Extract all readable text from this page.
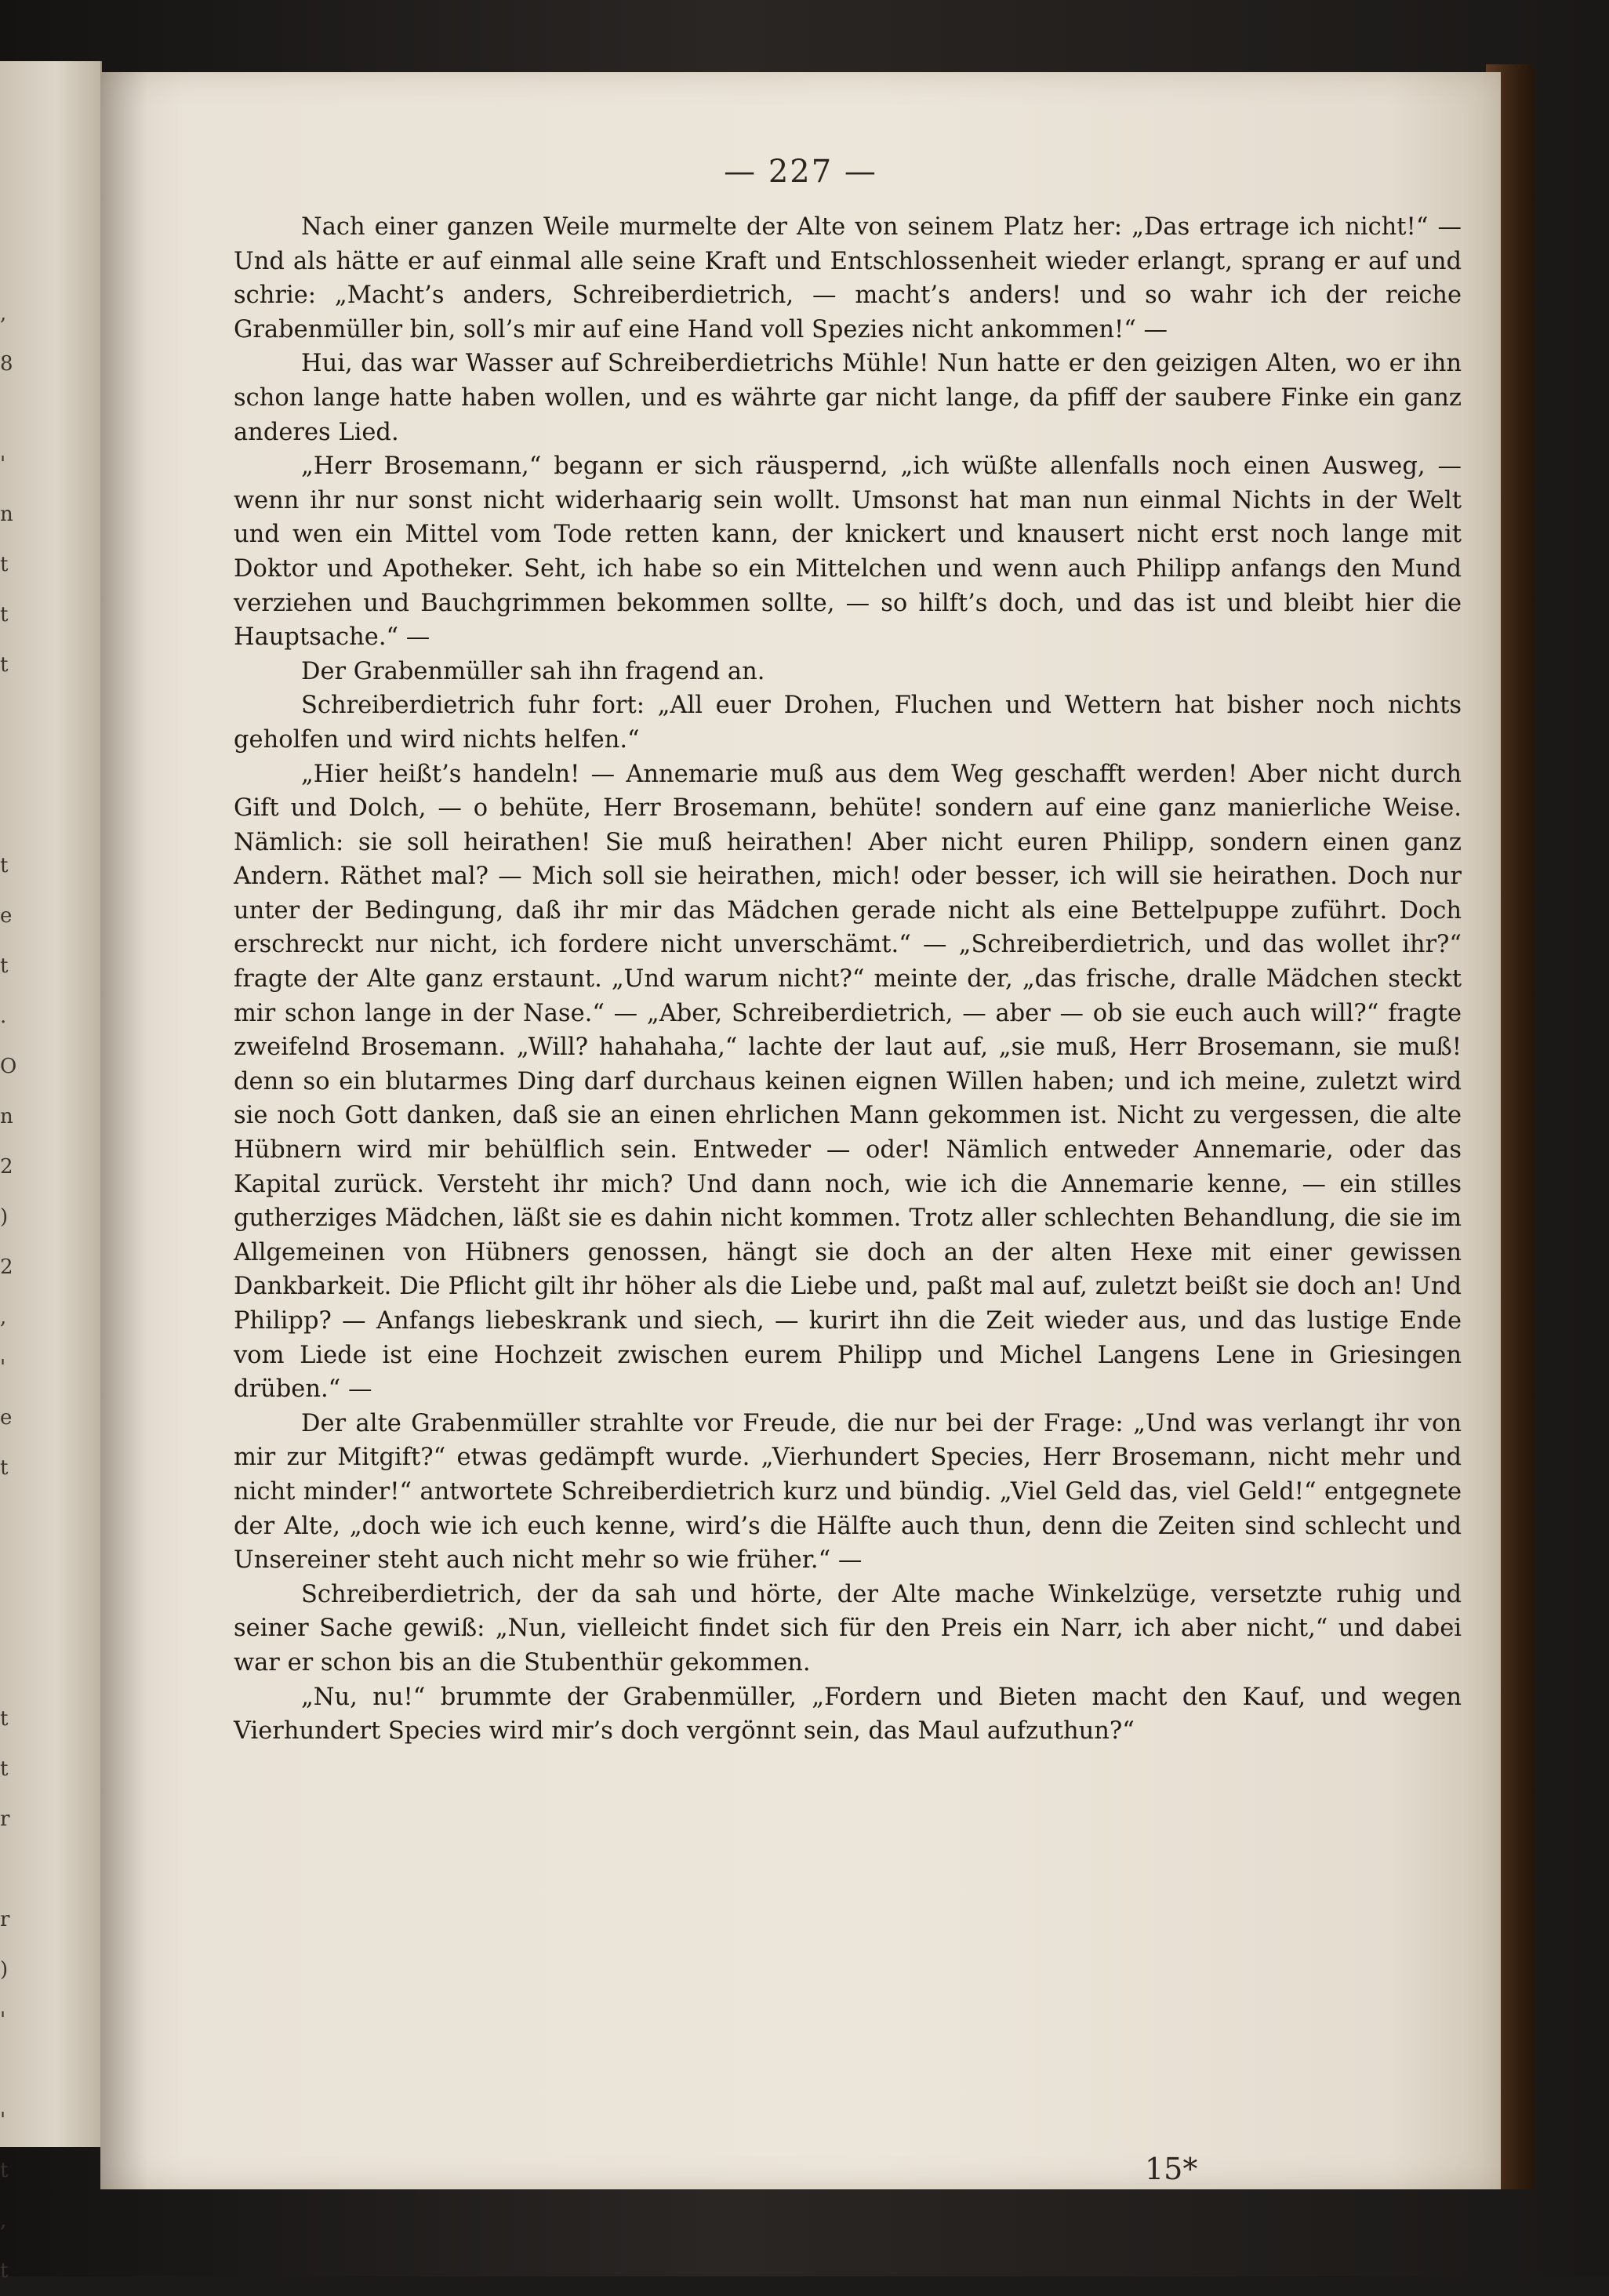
,
8

'
n
t
t
t

t
e
t
.
O
n
2
)
2
,
'
e
t

t
t
r

r
)
'

'
t
,
t
— 227 —

Nach einer ganzen Weile murmelte der Alte von seinem Platz her: „Das ertrage ich nicht!“ — Und als hätte er auf einmal alle seine Kraft und Entschlossenheit wieder erlangt, sprang er auf und schrie: „Macht’s anders, Schreiberdietrich, — macht’s anders! und so wahr ich der reiche Grabenmüller bin, soll’s mir auf eine Hand voll Spezies nicht ankommen!“ —

Hui, das war Wasser auf Schreiberdietrichs Mühle! Nun hatte er den geizigen Alten, wo er ihn schon lange hatte haben wollen, und es währte gar nicht lange, da pfiff der saubere Finke ein ganz anderes Lied.

„Herr Brosemann,“ begann er sich räuspernd, „ich wüßte allenfalls noch einen Ausweg, — wenn ihr nur sonst nicht widerhaarig sein wollt. Umsonst hat man nun einmal Nichts in der Welt und wen ein Mittel vom Tode retten kann, der knickert und knausert nicht erst noch lange mit Doktor und Apotheker. Seht, ich habe so ein Mittelchen und wenn auch Philipp anfangs den Mund verziehen und Bauchgrimmen bekommen sollte, — so hilft’s doch, und das ist und bleibt hier die Hauptsache.“ —

Der Grabenmüller sah ihn fragend an.

Schreiberdietrich fuhr fort: „All euer Drohen, Fluchen und Wettern hat bisher noch nichts geholfen und wird nichts helfen.“

„Hier heißt’s handeln! — Annemarie muß aus dem Weg geschafft werden! Aber nicht durch Gift und Dolch, — o behüte, Herr Brosemann, behüte! sondern auf eine ganz manierliche Weise. Nämlich: sie soll heirathen! Sie muß heirathen! Aber nicht euren Philipp, sondern einen ganz Andern. Räthet mal? — Mich soll sie heirathen, mich! oder besser, ich will sie heirathen. Doch nur unter der Bedingung, daß ihr mir das Mädchen gerade nicht als eine Bettelpuppe zuführt. Doch erschreckt nur nicht, ich fordere nicht unverschämt.“ — „Schreiberdietrich, und das wollet ihr?“ fragte der Alte ganz erstaunt. „Und warum nicht?“ meinte der, „das frische, dralle Mädchen steckt mir schon lange in der Nase.“ — „Aber, Schreiberdietrich, — aber — ob sie euch auch will?“ fragte zweifelnd Brosemann. „Will? hahahaha,“ lachte der laut auf, „sie muß, Herr Brosemann, sie muß! denn so ein blutarmes Ding darf durchaus keinen eignen Willen haben; und ich meine, zuletzt wird sie noch Gott danken, daß sie an einen ehrlichen Mann gekommen ist. Nicht zu vergessen, die alte Hübnern wird mir behülflich sein. Entweder — oder! Nämlich entweder Annemarie, oder das Kapital zurück. Versteht ihr mich? Und dann noch, wie ich die Annemarie kenne, — ein stilles gutherziges Mädchen, läßt sie es dahin nicht kommen. Trotz aller schlechten Behandlung, die sie im Allgemeinen von Hübners genossen, hängt sie doch an der alten Hexe mit einer gewissen Dankbarkeit. Die Pflicht gilt ihr höher als die Liebe und, paßt mal auf, zuletzt beißt sie doch an! Und Philipp? — Anfangs liebeskrank und siech, — kurirt ihn die Zeit wieder aus, und das lustige Ende vom Liede ist eine Hochzeit zwischen eurem Philipp und Michel Langens Lene in Griesingen drüben.“ —

Der alte Grabenmüller strahlte vor Freude, die nur bei der Frage: „Und was verlangt ihr von mir zur Mitgift?“ etwas gedämpft wurde. „Vierhundert Species, Herr Brosemann, nicht mehr und nicht minder!“ antwortete Schreiberdietrich kurz und bündig. „Viel Geld das, viel Geld!“ entgegnete der Alte, „doch wie ich euch kenne, wird’s die Hälfte auch thun, denn die Zeiten sind schlecht und Unsereiner steht auch nicht mehr so wie früher.“ —

Schreiberdietrich, der da sah und hörte, der Alte mache Winkelzüge, versetzte ruhig und seiner Sache gewiß: „Nun, vielleicht findet sich für den Preis ein Narr, ich aber nicht,“ und dabei war er schon bis an die Stubenthür gekommen.

„Nu, nu!“ brummte der Grabenmüller, „Fordern und Bieten macht den Kauf, und wegen Vierhundert Species wird mir’s doch vergönnt sein, das Maul aufzuthun?“

15*
